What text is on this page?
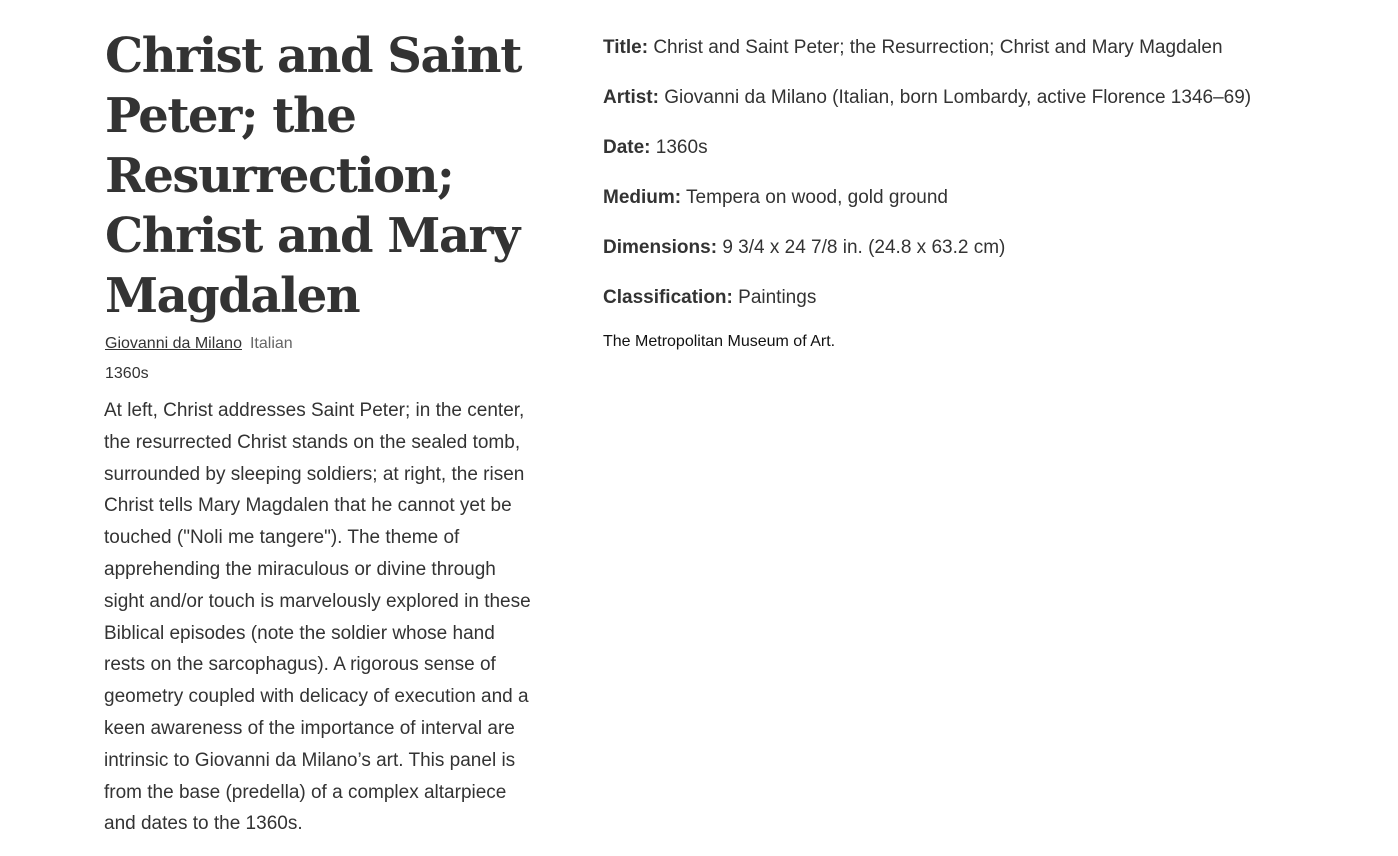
Christ and Saint Peter; the Resurrection; Christ and Mary Magdalen
Giovanni da Milano Italian
1360s
At left, Christ addresses Saint Peter; in the center, the resurrected Christ stands on the sealed tomb, surrounded by sleeping soldiers; at right, the risen Christ tells Mary Magdalen that he cannot yet be touched ("Noli me tangere"). The theme of apprehending the miraculous or divine through sight and/or touch is marvelously explored in these Biblical episodes (note the soldier whose hand rests on the sarcophagus). A rigorous sense of geometry coupled with delicacy of execution and a keen awareness of the importance of interval are intrinsic to Giovanni da Milano’s art. This panel is from the base (predella) of a complex altarpiece and dates to the 1360s.
Title: Christ and Saint Peter; the Resurrection; Christ and Mary Magdalen
Artist: Giovanni da Milano (Italian, born Lombardy, active Florence 1346–69)
Date: 1360s
Medium: Tempera on wood, gold ground
Dimensions: 9 3/4 x 24 7/8 in. (24.8 x 63.2 cm)
Classification: Paintings
The Metropolitan Museum of Art.
